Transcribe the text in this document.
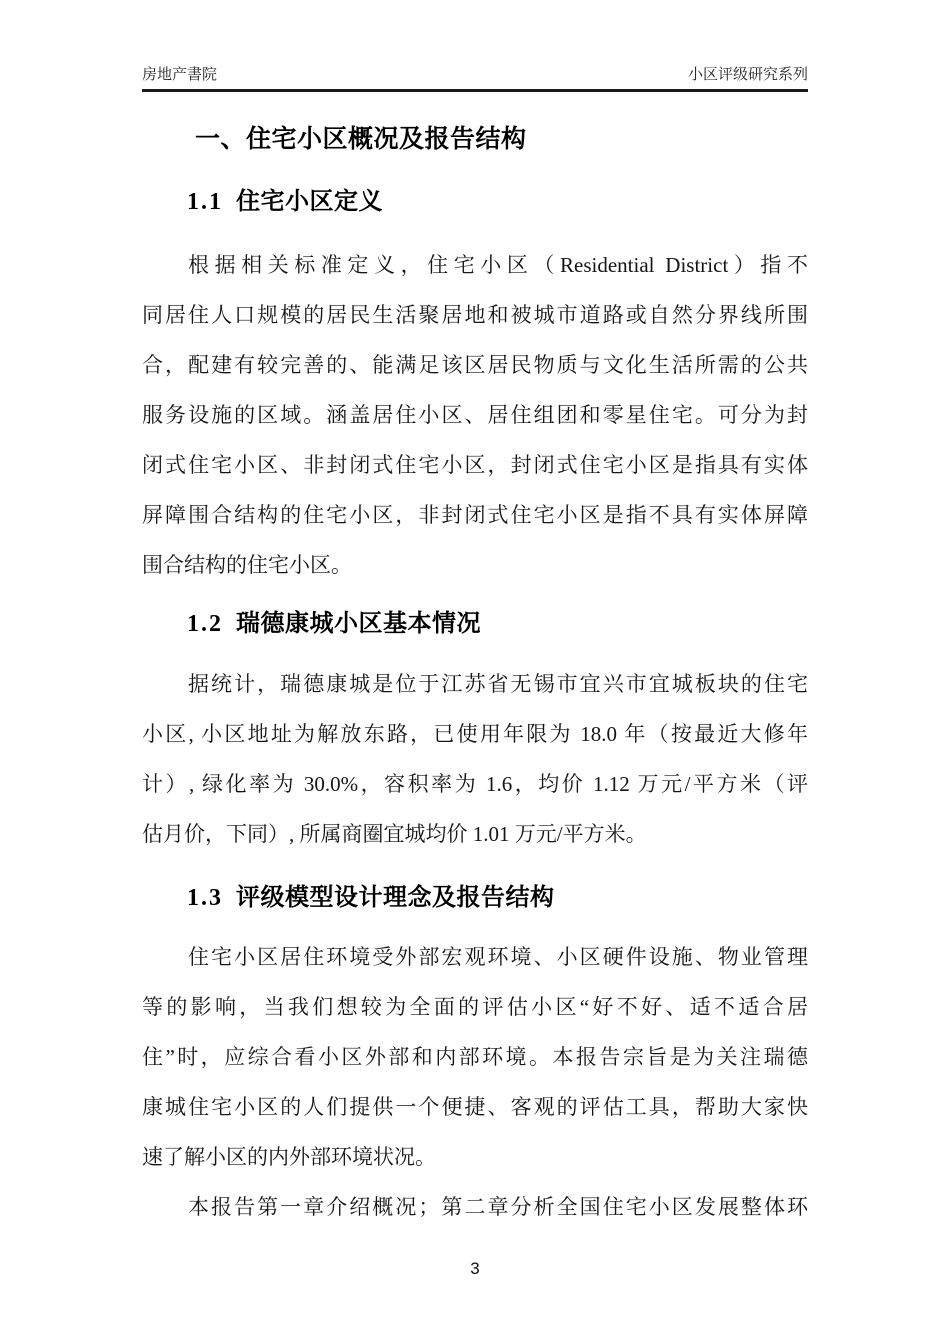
房地产書院	小区评级研究系列
一、住宅小区概况及报告结构
1.1 住宅小区定义
根据相关标准定义，住宅小区（Residential District）指不
同居住人口规模的居民生活聚居地和被城市道路或自然分界线所围
合，配建有较完善的、能满足该区居民物质与文化生活所需的公共
服务设施的区域。涵盖居住小区、居住组团和零星住宅。可分为封
闭式住宅小区、非封闭式住宅小区，封闭式住宅小区是指具有实体
屏障围合结构的住宅小区，非封闭式住宅小区是指不具有实体屏障
围合结构的住宅小区。
1.2 瑞德康城小区基本情况
据统计，瑞德康城是位于江苏省无锡市宜兴市宜城板块的住宅
小区, 小区地址为解放东路，已使用年限为 18.0 年（按最近大修年
计）, 绿化率为 30.0%，容积率为 1.6，均价 1.12 万元/平方米（评
估月价，下同）, 所属商圈宜城均价 1.01 万元/平方米。
1.3 评级模型设计理念及报告结构
住宅小区居住环境受外部宏观环境、小区硬件设施、物业管理
等的影响，当我们想较为全面的评估小区“好不好、适不适合居
住”时，应综合看小区外部和内部环境。本报告宗旨是为关注瑞德
康城住宅小区的人们提供一个便捷、客观的评估工具，帮助大家快
速了解小区的内外部环境状况。
本报告第一章介绍概况；第二章分析全国住宅小区发展整体环
3
